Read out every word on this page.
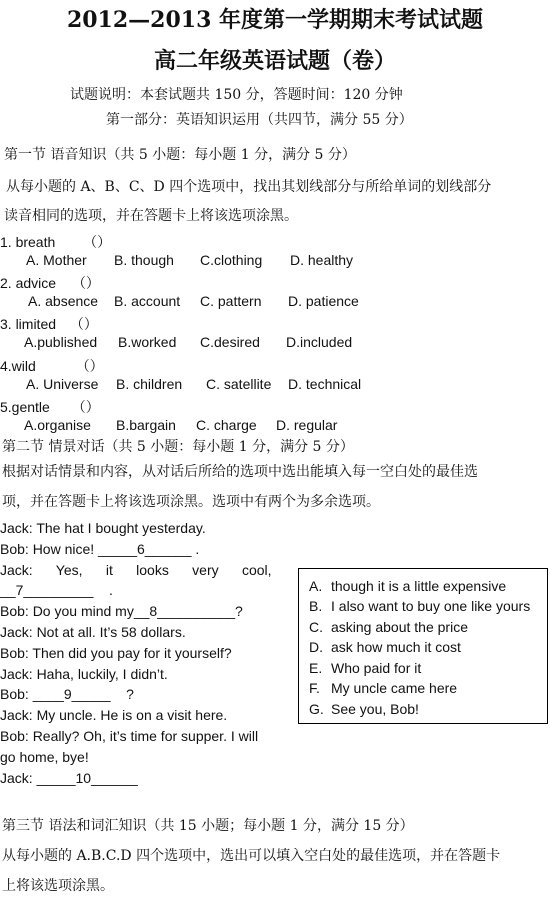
2012—2013 年度第一学期期末考试试题
高二年级英语试题（卷）
试题说明：本套试题共 150 分，答题时间：120 分钟
第一部分：英语知识运用（共四节，满分 55 分）
第一节 语音知识（共 5 小题：每小题 1 分，满分 5 分）
从每小题的 A、B、C、D 四个选项中，找出其划线部分与所给单词的划线部分
读音相同的选项，并在答题卡上将该选项涂黑。
1. breath （）
A. Mother B. though C.clothing D. healthy
2. advice （）
A. absence B. account C. pattern D. patience
3. limited （）
A.published B.worked C.desired D.included
4.wild	（）
A. Universe B. children C. satellite D. technical
5.gentle （）
A.organise B.bargain C. charge D. regular
第二节 情景对话（共 5 小题：每小题 1 分，满分 5 分）
根据对话情景和内容，从对话后所给的选项中选出能填入每一空白处的最佳选
项，并在答题卡上将该选项涂黑。选项中有两个为多余选项。
Jack: The hat I bought yesterday.
Bob: How nice! _____6______ .
Jack:      Yes,      it      looks      very      cool,
__7_________    .
Bob: Do you mind my__8__________?
Jack: Not at all. It’s 58 dollars.
Bob: Then did you pay for it yourself?
Jack: Haha, luckily, I didn’t.
Bob: ____9_____    ?
Jack: My uncle. He is on a visit here.
Bob: Really? Oh, it’s time for supper. I will
go home, bye!
Jack: _____10______
A. though it is a little expensive
B. I also want to buy one like yours
C. asking about the price
D. ask how much it cost
E. Who paid for it
F. My uncle came here
G. See you, Bob!
第三节 语法和词汇知识（共 15 小题；每小题 1 分，满分 15 分）
从每小题的 A.B.C.D 四个选项中，选出可以填入空白处的最佳选项，并在答题卡
上将该选项涂黑。
